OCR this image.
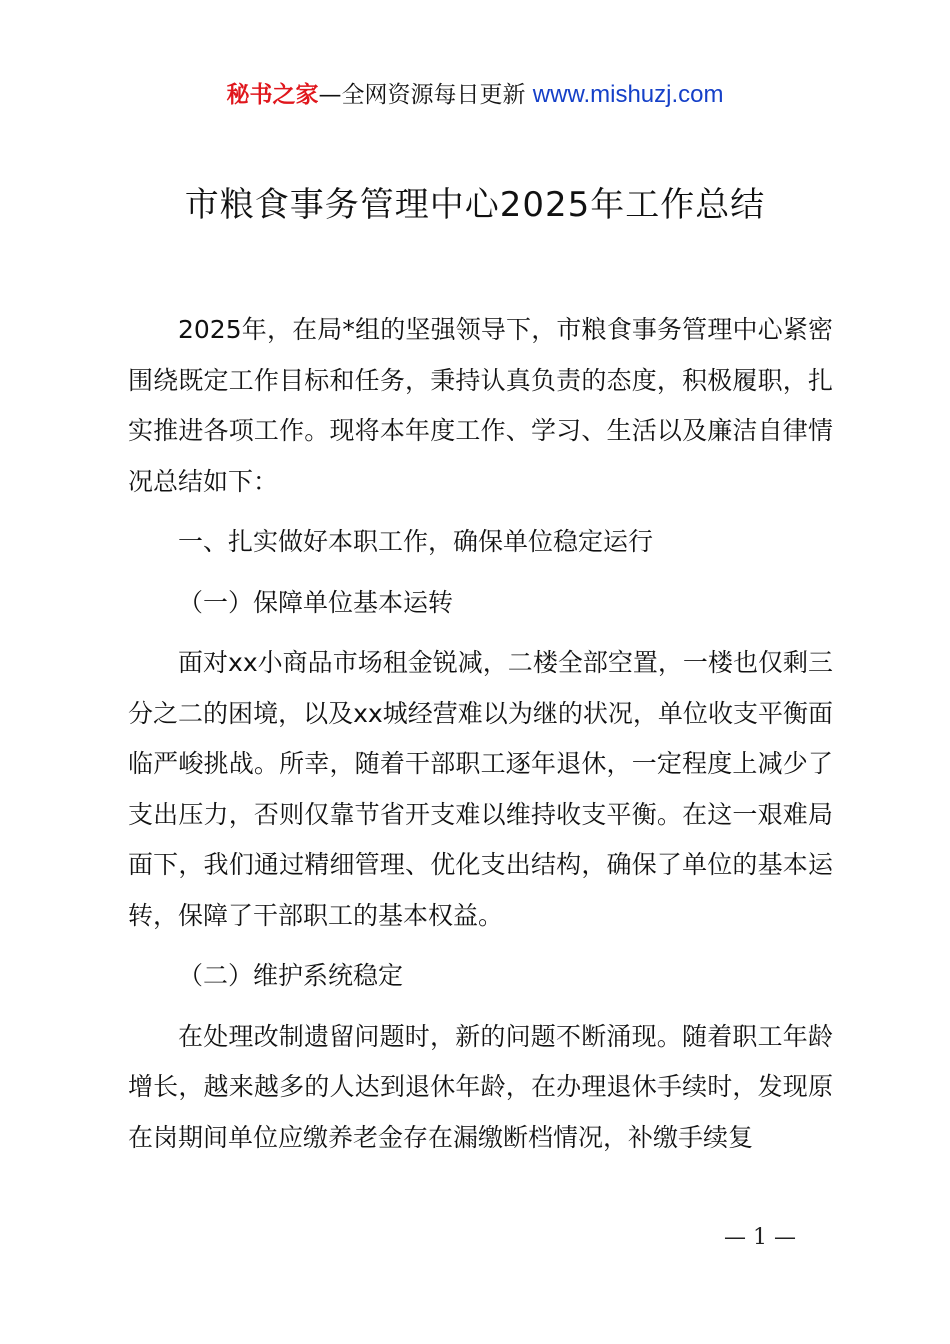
秘书之家—全网资源每日更新 www.mishuzj.com
市粮食事务管理中心2025年工作总结

2025年，在局*组的坚强领导下，市粮食事务管理中心紧密围绕既定工作目标和任务，秉持认真负责的态度，积极履职，扎实推进各项工作。现将本年度工作、学习、生活以及廉洁自律情况总结如下：

一、扎实做好本职工作，确保单位稳定运行

（一）保障单位基本运转

面对xx小商品市场租金锐减，二楼全部空置，一楼也仅剩三分之二的困境，以及xx城经营难以为继的状况，单位收支平衡面临严峻挑战。所幸，随着干部职工逐年退休，一定程度上减少了支出压力，否则仅靠节省开支难以维持收支平衡。在这一艰难局面下，我们通过精细管理、优化支出结构，确保了单位的基本运转，保障了干部职工的基本权益。

（二）维护系统稳定

在处理改制遗留问题时，新的问题不断涌现。随着职工年龄增长，越来越多的人达到退休年龄，在办理退休手续时，发现原在岗期间单位应缴养老金存在漏缴断档情况，补缴手续复

— 1 —
